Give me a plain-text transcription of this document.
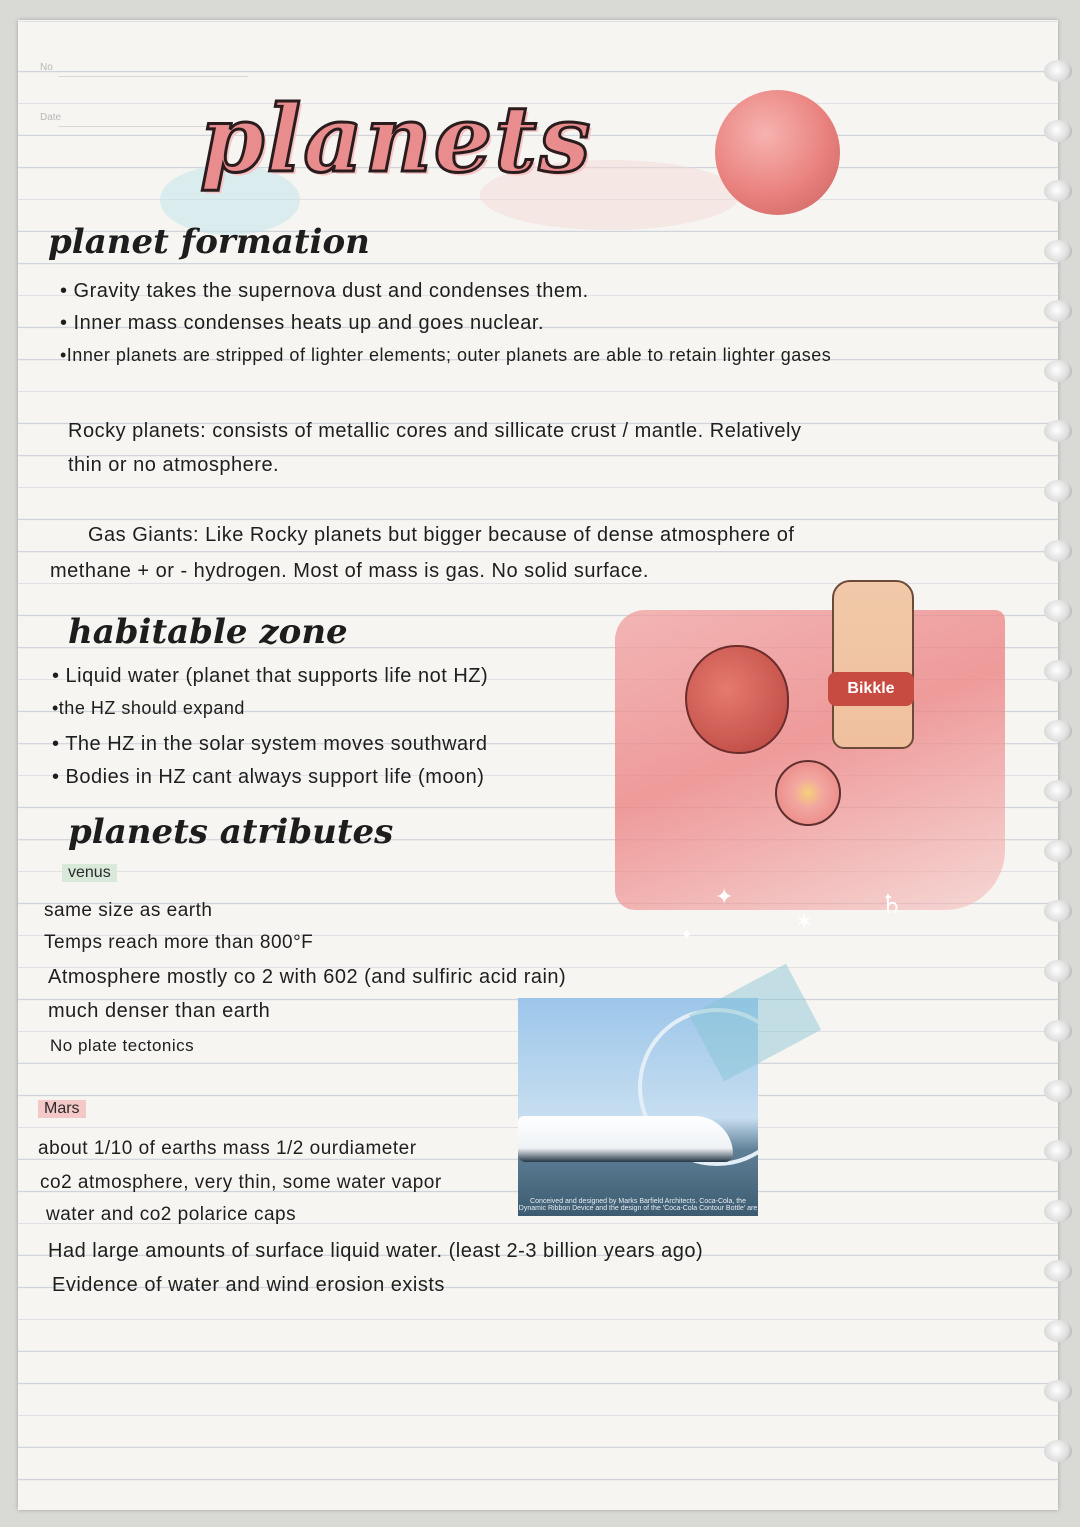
No
Date planets
planet formation
• Gravity takes the supernova dust and condenses them.
• Inner mass condenses heats up and goes nuclear.
•Inner planets are stripped of lighter elements; outer planets are able to retain lighter gases
Rocky planets: consists of metallic cores and sillicate crust / mantle. Relatively
thin or no atmosphere.
Gas Giants: Like Rocky planets but bigger because of dense atmosphere of
methane + or - hydrogen. Most of mass is gas. No solid surface.
Bikkle
✦
✶
✦
♄
habitable zone
• Liquid water (planet that supports life not HZ)
•the HZ should expand
• The HZ in the solar system moves southward
• Bodies in HZ cant always support life (moon)
planets atributes
venus
same size as earth
Temps reach more than 800°F
Atmosphere mostly co 2 with 602 (and sulfiric acid rain)
much denser than earth
No plate tectonics
Mars
about 1/10 of earths mass 1/2 ourdiameter
co2 atmosphere, very thin, some water vapor
water and co2 polarice caps
Had large amounts of surface liquid water. (least 2-3 billion years ago)
Evidence of water and wind erosion exists
Conceived and designed by Marks Barfield Architects. Coca-Cola, the Dynamic Ribbon Device and the design of the 'Coca-Cola Contour Bottle' are
